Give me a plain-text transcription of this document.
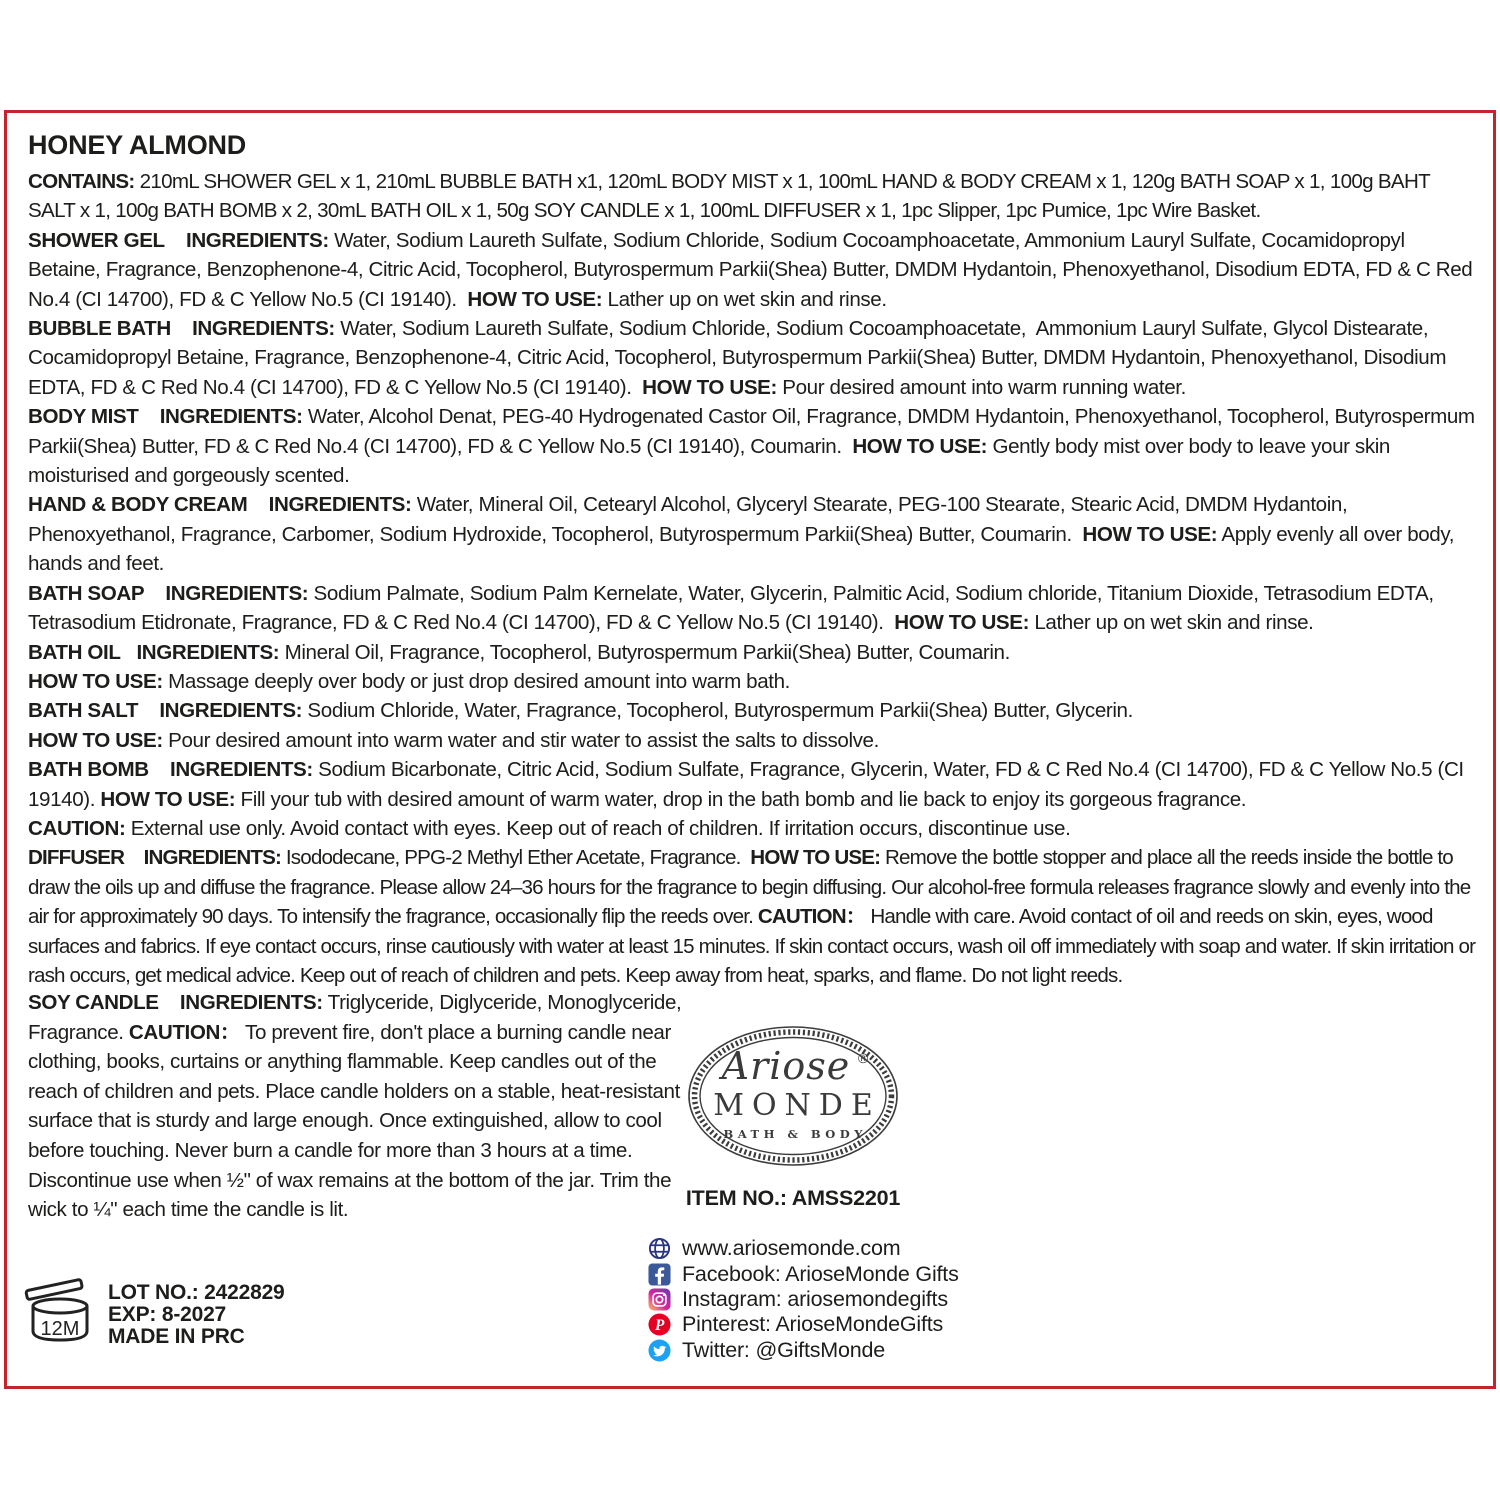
HONEY ALMOND

CONTAINS: 210mL SHOWER GEL x 1, 210mL BUBBLE BATH x1, 120mL BODY MIST x 1, 100mL HAND & BODY CREAM x 1, 120g BATH SOAP x 1, 100g BAHT SALT x 1, 100g BATH BOMB x 2, 30mL BATH OIL x 1, 50g SOY CANDLE x 1, 100mL DIFFUSER x 1, 1pc Slipper, 1pc Pumice, 1pc Wire Basket.

SHOWER GEL    INGREDIENTS: Water, Sodium Laureth Sulfate, Sodium Chloride, Sodium Cocoamphoacetate, Ammonium Lauryl Sulfate, Cocamidopropyl Betaine, Fragrance, Benzophenone-4, Citric Acid, Tocopherol, Butyrospermum Parkii(Shea) Butter, DMDM Hydantoin, Phenoxyethanol, Disodium EDTA, FD & C Red No.4 (CI 14700), FD & C Yellow No.5 (CI 19140).  HOW TO USE: Lather up on wet skin and rinse.

BUBBLE BATH    INGREDIENTS: Water, Sodium Laureth Sulfate, Sodium Chloride, Sodium Cocoamphoacetate,  Ammonium Lauryl Sulfate, Glycol Distearate, Cocamidopropyl Betaine, Fragrance, Benzophenone-4, Citric Acid, Tocopherol, Butyrospermum Parkii(Shea) Butter, DMDM Hydantoin, Phenoxyethanol, Disodium EDTA, FD & C Red No.4 (CI 14700), FD & C Yellow No.5 (CI 19140).  HOW TO USE: Pour desired amount into warm running water.

BODY MIST    INGREDIENTS: Water, Alcohol Denat, PEG-40 Hydrogenated Castor Oil, Fragrance, DMDM Hydantoin, Phenoxyethanol, Tocopherol, Butyrospermum Parkii(Shea) Butter, FD & C Red No.4 (CI 14700), FD & C Yellow No.5 (CI 19140), Coumarin.  HOW TO USE: Gently body mist over body to leave your skin moisturised and gorgeously scented.

HAND & BODY CREAM    INGREDIENTS: Water, Mineral Oil, Cetearyl Alcohol, Glyceryl Stearate, PEG-100 Stearate, Stearic Acid, DMDM Hydantoin, Phenoxyethanol, Fragrance, Carbomer, Sodium Hydroxide, Tocopherol, Butyrospermum Parkii(Shea) Butter, Coumarin.  HOW TO USE: Apply evenly all over body, hands and feet.

BATH SOAP    INGREDIENTS: Sodium Palmate, Sodium Palm Kernelate, Water, Glycerin, Palmitic Acid, Sodium chloride, Titanium Dioxide, Tetrasodium EDTA, Tetrasodium Etidronate, Fragrance, FD & C Red No.4 (CI 14700), FD & C Yellow No.5 (CI 19140).  HOW TO USE: Lather up on wet skin and rinse.

BATH OIL   INGREDIENTS: Mineral Oil, Fragrance, Tocopherol, Butyrospermum Parkii(Shea) Butter, Coumarin.

HOW TO USE: Massage deeply over body or just drop desired amount into warm bath.

BATH SALT    INGREDIENTS: Sodium Chloride, Water, Fragrance, Tocopherol, Butyrospermum Parkii(Shea) Butter, Glycerin.

HOW TO USE: Pour desired amount into warm water and stir water to assist the salts to dissolve.

BATH BOMB    INGREDIENTS: Sodium Bicarbonate, Citric Acid, Sodium Sulfate, Fragrance, Glycerin, Water, FD & C Red No.4 (CI 14700), FD & C Yellow No.5 (CI 19140). HOW TO USE: Fill your tub with desired amount of warm water, drop in the bath bomb and lie back to enjoy its gorgeous fragrance.

CAUTION: External use only. Avoid contact with eyes. Keep out of reach of children. If irritation occurs, discontinue use.

DIFFUSER    INGREDIENTS: Isododecane, PPG-2 Methyl Ether Acetate, Fragrance.  HOW TO USE: Remove the bottle stopper and place all the reeds inside the bottle to draw the oils up and diffuse the fragrance. Please allow 24–36 hours for the fragrance to begin diffusing. Our alcohol-free formula releases fragrance slowly and evenly into the air for approximately 90 days. To intensify the fragrance, occasionally flip the reeds over. CAUTION： Handle with care. Avoid contact of oil and reeds on skin, eyes, wood surfaces and fabrics. If eye contact occurs, rinse cautiously with water at least 15 minutes. If skin contact occurs, wash oil off immediately with soap and water. If skin irritation or rash occurs, get medical advice. Keep out of reach of children and pets. Keep away from heat, sparks, and flame. Do not light reeds.

SOY CANDLE    INGREDIENTS: Triglyceride, Diglyceride, Monoglyceride, Fragrance. CAUTION： To prevent fire, don't place a burning candle near clothing, books, curtains or anything flammable. Keep candles out of the reach of children and pets. Place candle holders on a stable, heat-resistant surface that is sturdy and large enough. Once extinguished, allow to cool before touching. Never burn a candle for more than 3 hours at a time. Discontinue use when ½" of wax remains at the bottom of the jar. Trim the wick to ¼" each time the candle is lit.

Ariose ®
MONDE
BATH & BODY
ITEM NO.: AMSS2201
www.ariosemonde.com
Facebook: ArioseMonde Gifts
Instagram: ariosemondegifts
P Pinterest: ArioseMondeGifts
Twitter: @GiftsMonde
12M
LOT NO.: 2422829
EXP: 8-2027
MADE IN PRC
